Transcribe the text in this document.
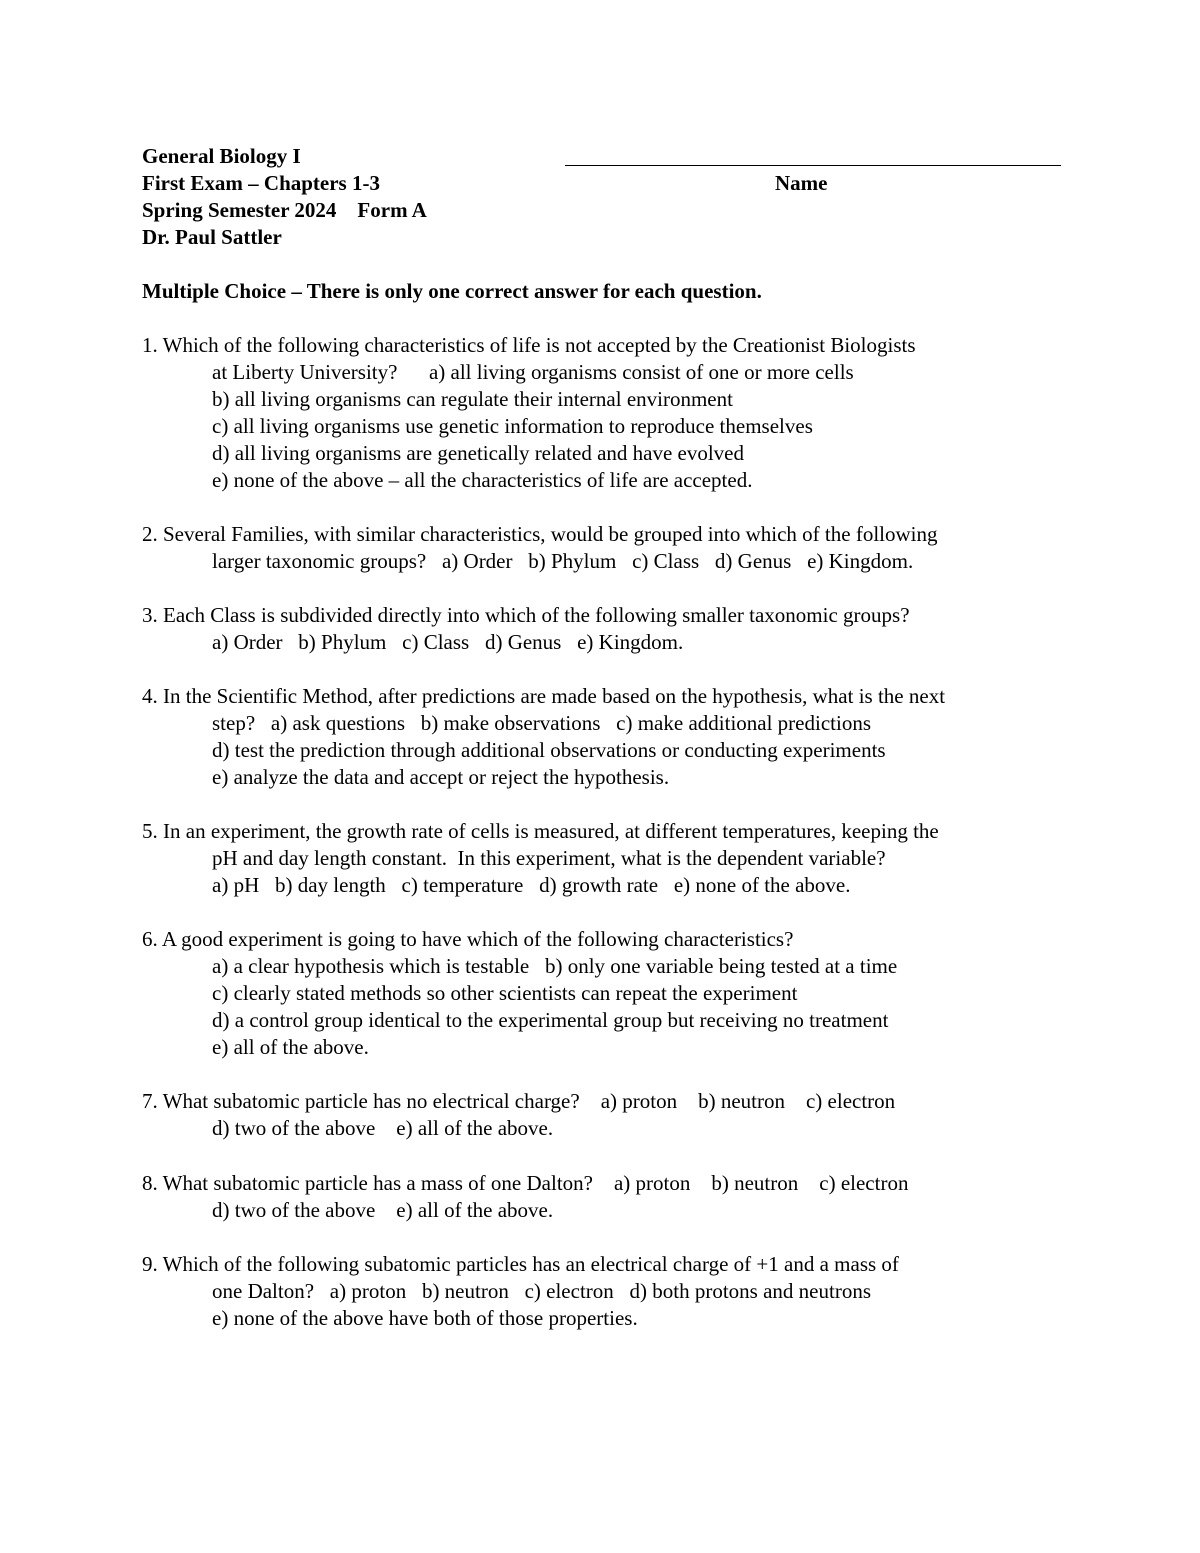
General Biology I
First Exam – Chapters 1-3
Spring Semester 2024    Form A
Dr. Paul Sattler
Name
Multiple Choice – There is only one correct answer for each question.
1. Which of the following characteristics of life is not accepted by the Creationist Biologists
at Liberty University?      a) all living organisms consist of one or more cells
b) all living organisms can regulate their internal environment
c) all living organisms use genetic information to reproduce themselves
d) all living organisms are genetically related and have evolved
e) none of the above – all the characteristics of life are accepted.
2. Several Families, with similar characteristics, would be grouped into which of the following
larger taxonomic groups?   a) Order   b) Phylum   c) Class   d) Genus   e) Kingdom.
3. Each Class is subdivided directly into which of the following smaller taxonomic groups?
a) Order   b) Phylum   c) Class   d) Genus   e) Kingdom.
4. In the Scientific Method, after predictions are made based on the hypothesis, what is the next
step?   a) ask questions   b) make observations   c) make additional predictions
d) test the prediction through additional observations or conducting experiments
e) analyze the data and accept or reject the hypothesis.
5. In an experiment, the growth rate of cells is measured, at different temperatures, keeping the
pH and day length constant.  In this experiment, what is the dependent variable?
a) pH   b) day length   c) temperature   d) growth rate   e) none of the above.
6. A good experiment is going to have which of the following characteristics?
a) a clear hypothesis which is testable   b) only one variable being tested at a time
c) clearly stated methods so other scientists can repeat the experiment
d) a control group identical to the experimental group but receiving no treatment
e) all of the above.
7. What subatomic particle has no electrical charge?    a) proton    b) neutron    c) electron
d) two of the above    e) all of the above.
8. What subatomic particle has a mass of one Dalton?    a) proton    b) neutron    c) electron
d) two of the above    e) all of the above.
9. Which of the following subatomic particles has an electrical charge of +1 and a mass of
one Dalton?   a) proton   b) neutron   c) electron   d) both protons and neutrons
e) none of the above have both of those properties.
